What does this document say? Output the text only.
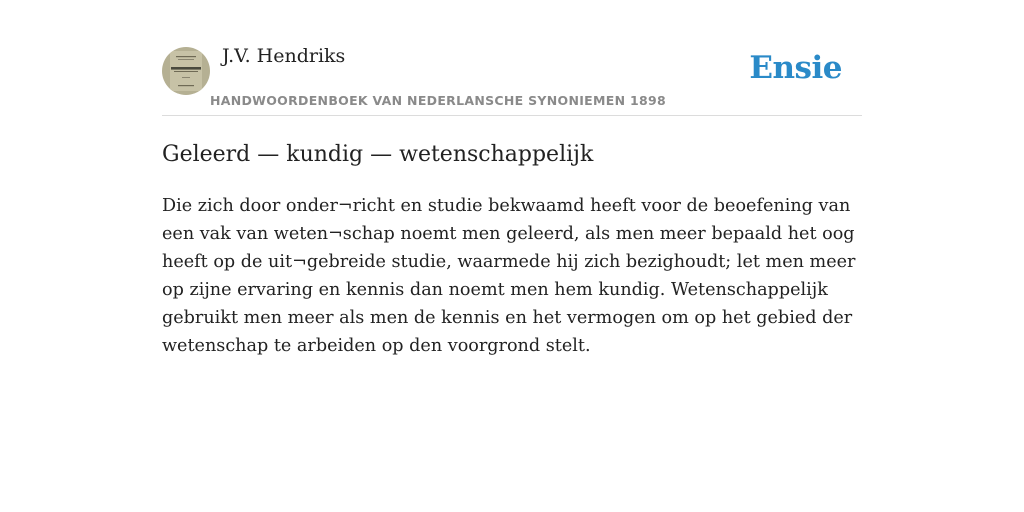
J.V. Hendriks
HANDWOORDENBOEK VAN NEDERLANSCHE SYNONIEMEN 1898
Ensie
Geleerd — kundig — wetenschappelijk

Die zich door onder¬richt en studie bekwaamd heeft voor de beoefening van een vak van weten¬schap noemt men geleerd, als men meer bepaald het oog heeft op de uit¬gebreide studie, waarmede hij zich bezighoudt; let men meer op zijne ervaring en kennis dan noemt men hem kundig. Wetenschappelijk gebruikt men meer als men de kennis en het vermogen om op het gebied der wetenschap te arbeiden op den voorgrond stelt.
